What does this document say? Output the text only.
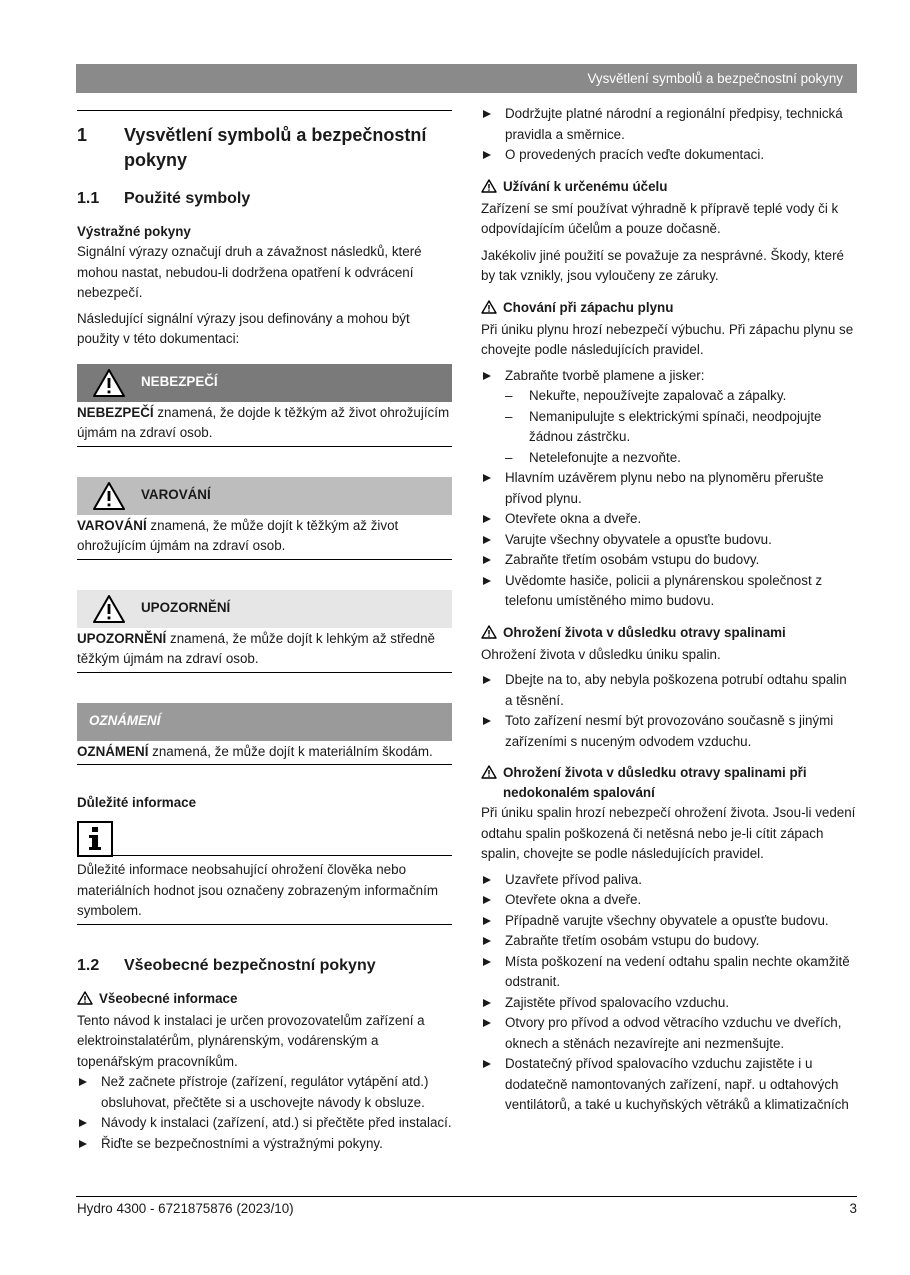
Vysvětlení symbolů a bezpečnostní pokyny
1	Vysvětlení symbolů a bezpečnostní pokyny
1.1	Použité symboly
Výstražné pokyny

Signální výrazy označují druh a závažnost následků, které mohou nastat, nebudou-li dodržena opatření k odvrácení nebezpečí.

Následující signální výrazy jsou definovány a mohou být použity v této dokumentaci:

NEBEZPEČÍ
NEBEZPEČÍ znamená, že dojde k těžkým až život ohrožujícím újmám na zdraví osob.
VAROVÁNÍ
VAROVÁNÍ znamená, že může dojít k těžkým až život ohrožujícím újmám na zdraví osob.
UPOZORNĚNÍ
UPOZORNĚNÍ znamená, že může dojít k lehkým až středně těžkým újmám na zdraví osob.
OZNÁMENÍ
OZNÁMENÍ znamená, že může dojít k materiálním škodám.
Důležité informace
Důležité informace neobsahující ohrožení člověka nebo materiálních hodnot jsou označeny zobrazeným informačním symbolem.
1.2	Všeobecné bezpečnostní pokyny
Všeobecné informace

Tento návod k instalaci je určen provozovatelům zařízení a elektroinstalatérům, plynárenským, vodárenským a topenářským pracovníkům.

Než začnete přístroje (zařízení, regulátor vytápění atd.) obsluhovat, přečtěte si a uschovejte návody k obsluze.
Návody k instalaci (zařízení, atd.) si přečtěte před instalací.
Řiďte se bezpečnostními a výstražnými pokyny.
Dodržujte platné národní a regionální předpisy, technická pravidla a směrnice.
O provedených pracích veďte dokumentaci.
Užívání k určenému účelu

Zařízení se smí používat výhradně k přípravě teplé vody či k odpovídajícím účelům a pouze dočasně.

Jakékoliv jiné použití se považuje za nesprávné. Škody, které by tak vznikly, jsou vyloučeny ze záruky.

Chování při zápachu plynu

Při úniku plynu hrozí nebezpečí výbuchu. Při zápachu plynu se chovejte podle následujících pravidel.

Zabraňte tvorbě plamene a jisker:
– Nekuřte, nepoužívejte zapalovač a zápalky.
– Nemanipulujte s elektrickými spínači, neodpojujte žádnou zástrčku.
– Netelefonujte a nezvoňte.
Hlavním uzávěrem plynu nebo na plynoměru přerušte přívod plynu.
Otevřete okna a dveře.
Varujte všechny obyvatele a opusťte budovu.
Zabraňte třetím osobám vstupu do budovy.
Uvědomte hasiče, policii a plynárenskou společnost z telefonu umístěného mimo budovu.
Ohrožení života v důsledku otravy spalinami

Ohrožení života v důsledku úniku spalin.

Dbejte na to, aby nebyla poškozena potrubí odtahu spalin a těsnění.
Toto zařízení nesmí být provozováno současně s jinými zařízeními s nuceným odvodem vzduchu.
Ohrožení života v důsledku otravy spalinami při nedokonalém spalování

Při úniku spalin hrozí nebezpečí ohrožení života. Jsou-li vedení odtahu spalin poškozená či netěsná nebo je-li cítit zápach spalin, chovejte se podle následujících pravidel.

Uzavřete přívod paliva.
Otevřete okna a dveře.
Případně varujte všechny obyvatele a opusťte budovu.
Zabraňte třetím osobám vstupu do budovy.
Místa poškození na vedení odtahu spalin nechte okamžitě odstranit.
Zajistěte přívod spalovacího vzduchu.
Otvory pro přívod a odvod větracího vzduchu ve dveřích, oknech a stěnách nezavírejte ani nezmenšujte.
Dostatečný přívod spalovacího vzduchu zajistěte i u dodatečně namontovaných zařízení, např. u odtahových ventilátorů, a také u kuchyňských větráků a klimatizačních
Hydro 4300 - 6721875876 (2023/10)	3
